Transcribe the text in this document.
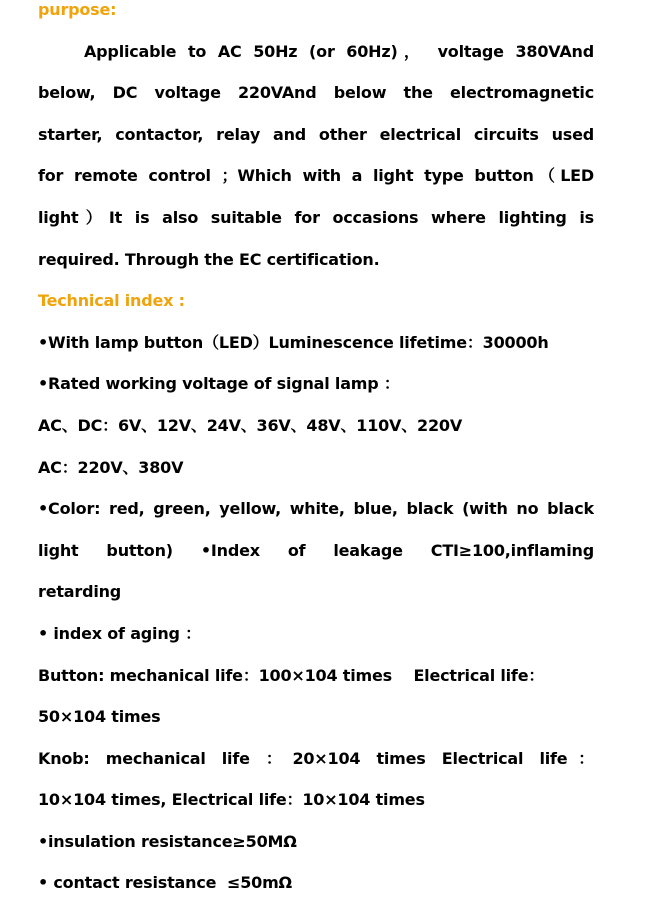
purpose:
Applicable to AC 50Hz (or 60Hz)， voltage 380VAnd
below, DC voltage 220VAnd below the electromagnetic
starter, contactor, relay and other electrical circuits used
for remote control ；Which with a light type button（LED
light）It is also suitable for occasions where lighting is
required. Through the EC certification.
Technical index :
•With lamp button（LED）Luminescence lifetime：30000h
•Rated working voltage of signal lamp ：
AC、DC：6V、12V、24V、36V、48V、110V、220V
AC：220V、380V
•Color: red, green, yellow, white, blue, black (with no black
light button) •Index of leakage CTI≥100,inflaming
retarding
• index of aging ：
Button: mechanical life：100×104 times    Electrical life：
50×104 times
Knob: mechanical life ：20×104 times Electrical life：
10×104 times, Electrical life：10×104 times
•insulation resistance≥50MΩ
• contact resistance  ≤50mΩ
